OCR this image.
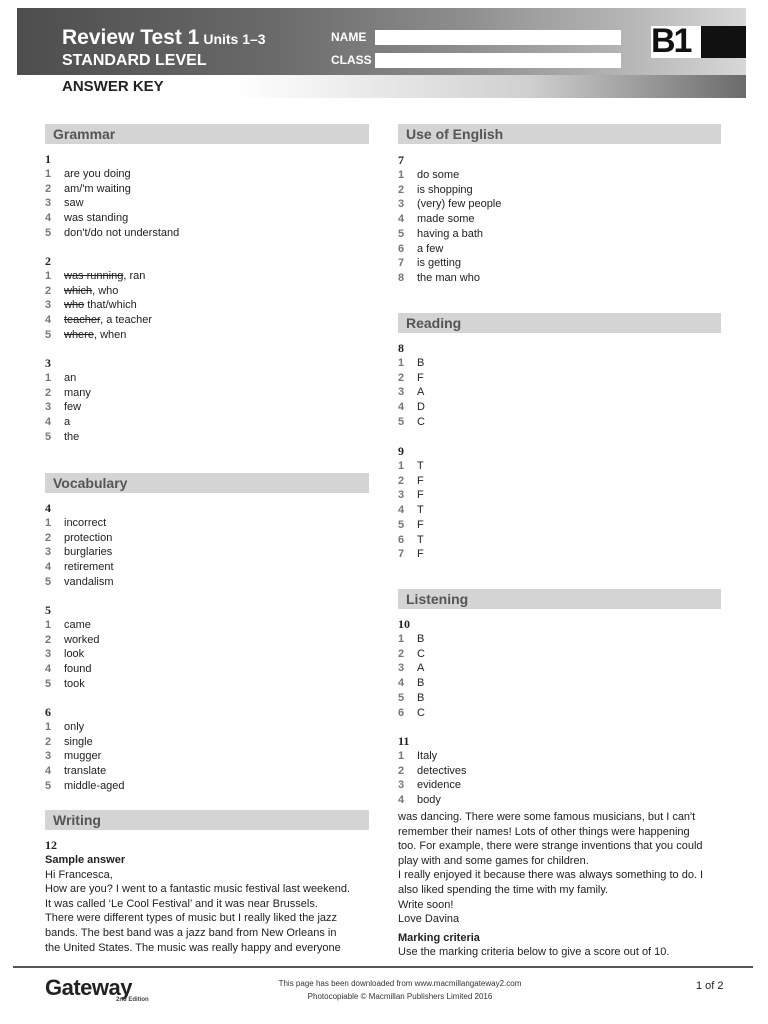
Review Test 1 Units 1–3
STANDARD LEVEL
ANSWER KEY
NAME
CLASS	B1
Grammar
1
1 are you doing
2 am/'m waiting
3 saw
4 was standing
5 don't/do not understand
2
1 was running, ran
2 which, who
3 who that/which
4 teacher, a teacher
5 where, when
3
1 an
2 many
3 few
4 a
5 the
Vocabulary
4
1 incorrect
2 protection
3 burglaries
4 retirement
5 vandalism
5
1 came
2 worked
3 look
4 found
5 took
6
1 only
2 single
3 mugger
4 translate
5 middle-aged
Writing
12

Sample answer

Hi Francesca,

How are you? I went to a fantastic music festival last weekend.

It was called ‘Le Cool Festival’ and it was near Brussels.

There were different types of music but I really liked the jazz

bands. The best band was a jazz band from New Orleans in

the United States. The music was really happy and everyone

Use of English
7
1 do some
2 is shopping
3 (very) few people
4 made some
5 having a bath
6 a few
7 is getting
8 the man who
Reading
8
1 B
2 F
3 A
4 D
5 C
9
1 T
2 F
3 F
4 T
5 F
6 T
7 F
Listening
10
1 B
2 C
3 A
4 B
5 B
6 C
11
1 Italy
2 detectives
3 evidence
4 body

was dancing. There were some famous musicians, but I can't

remember their names! Lots of other things were happening

too. For example, there were strange inventions that you could

play with and some games for children.

I really enjoyed it because there was always something to do. I

also liked spending the time with my family.

Write soon!

Love Davina

Marking criteria

Use the marking criteria below to give a score out of 10.

Gateway
2nd Edition
This page has been downloaded from www.macmillangateway2.com
Photocopiable © Macmillan Publishers Limited 2016
1 of 2
